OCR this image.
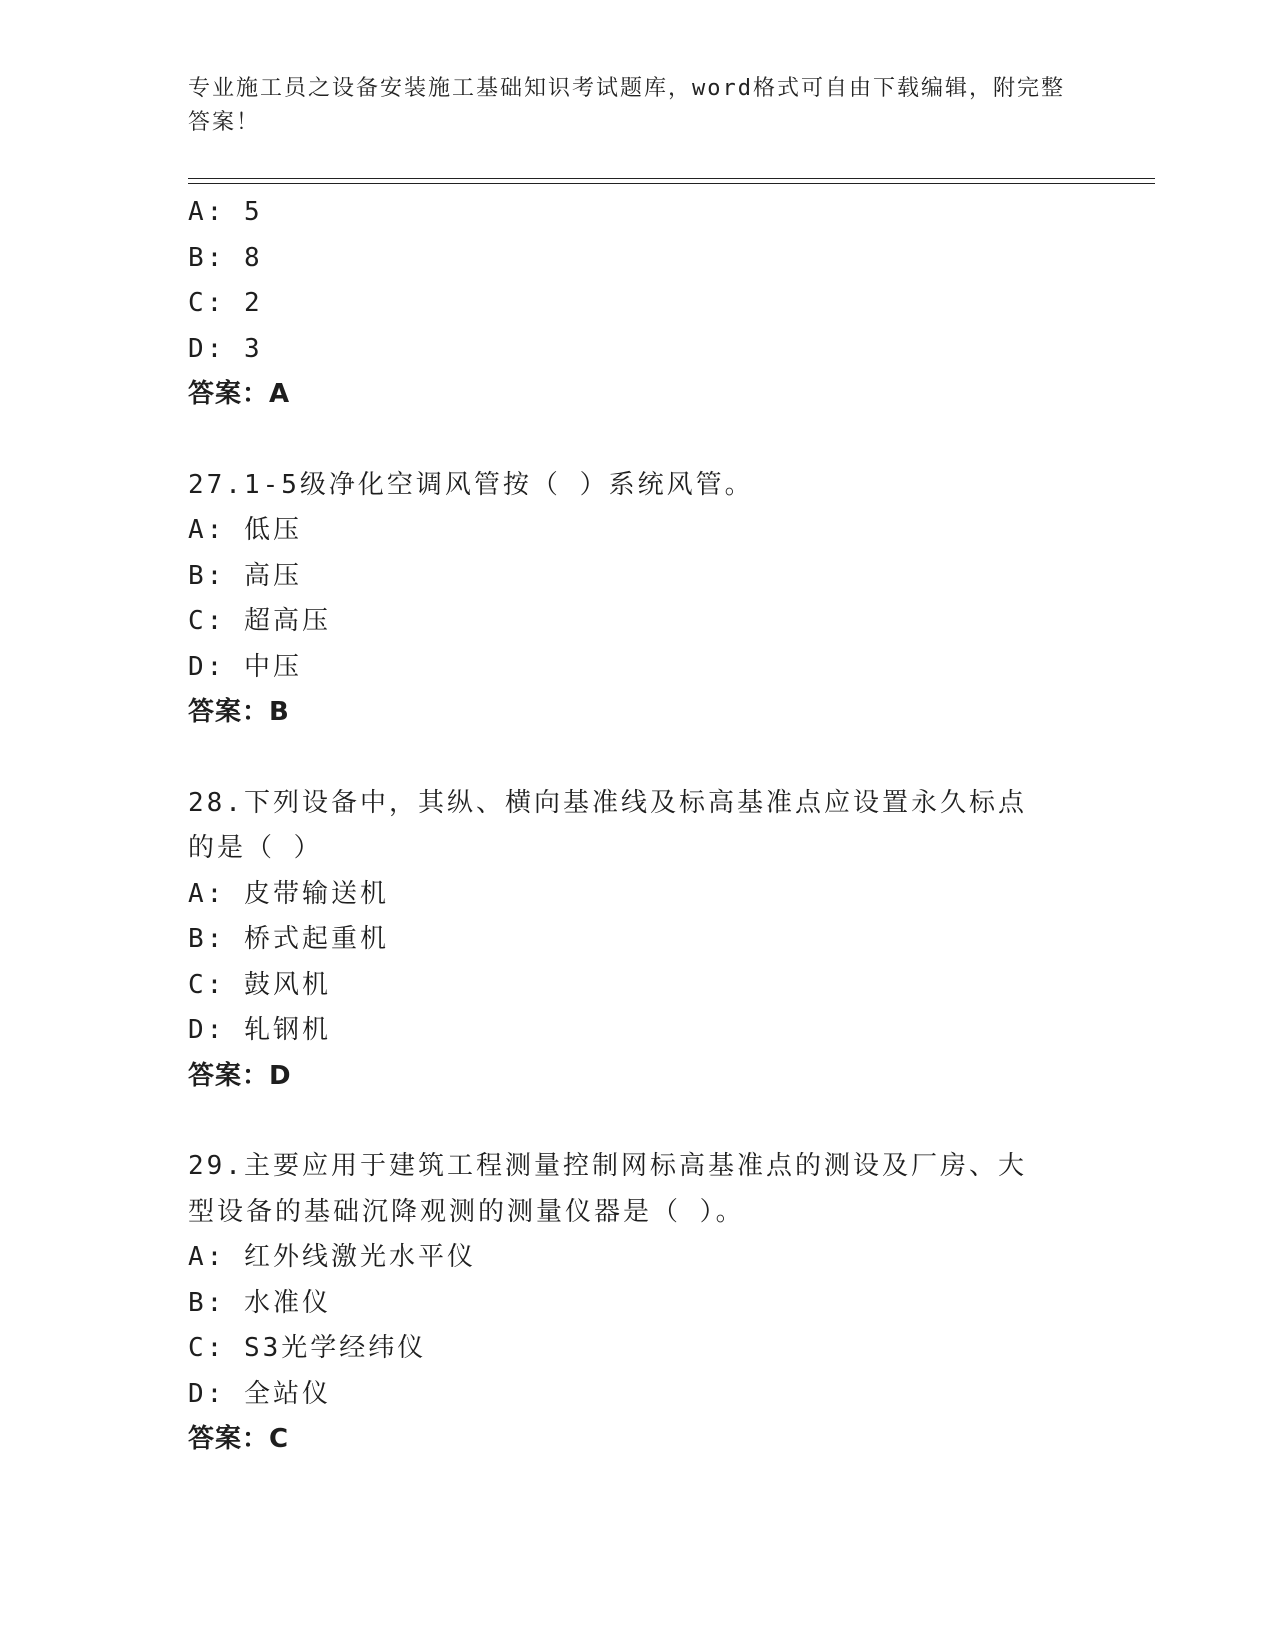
专业施工员之设备安装施工基础知识考试题库，word格式可自由下载编辑，附完整答案！
A: 5
B: 8
C: 2
D: 3
答案：A
27.1-5级净化空调风管按（ ）系统风管。
A: 低压
B: 高压
C: 超高压
D: 中压
答案：B
28.下列设备中，其纵、横向基准线及标高基准点应设置永久标点的是（ ）
A: 皮带输送机
B: 桥式起重机
C: 鼓风机
D: 轧钢机
答案：D
29.主要应用于建筑工程测量控制网标高基准点的测设及厂房、大型设备的基础沉降观测的测量仪器是（ ）。
A: 红外线激光水平仪
B: 水准仪
C: S3光学经纬仪
D: 全站仪
答案：C
